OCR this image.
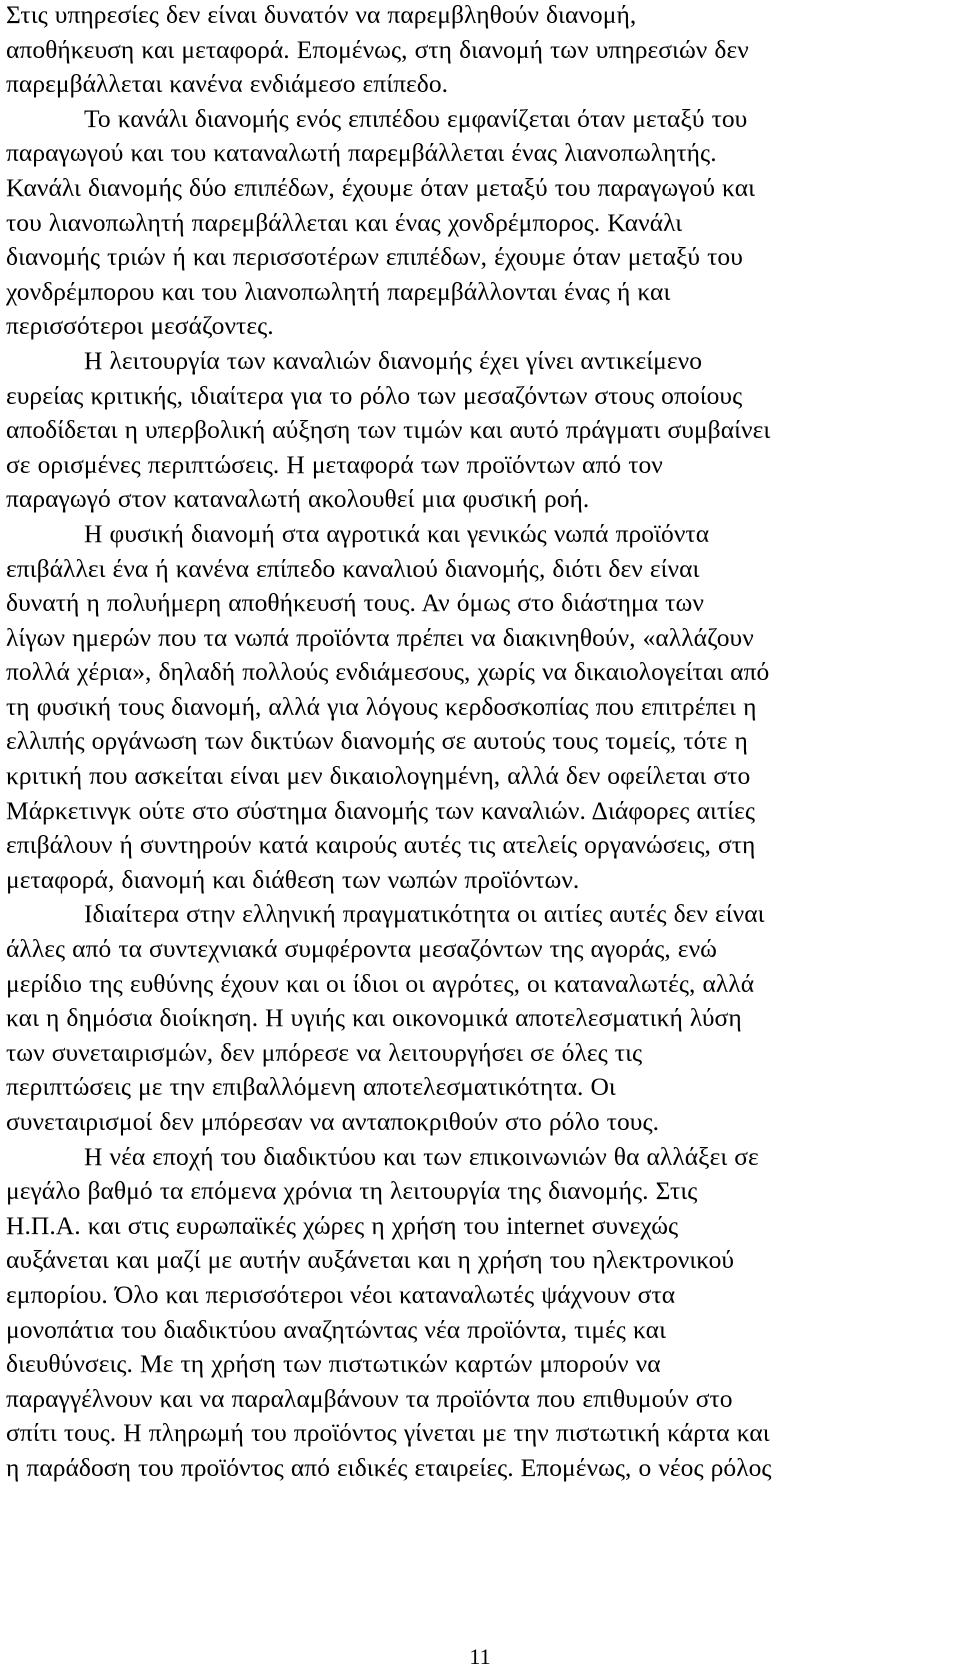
Στις υπηρεσίες δεν είναι δυνατόν να παρεμβληθούν διανομή,
αποθήκευση και μεταφορά. Επομένως, στη διανομή των υπηρεσιών δεν
παρεμβάλλεται κανένα ενδιάμεσο επίπεδο.
Το κανάλι διανομής ενός επιπέδου εμφανίζεται όταν μεταξύ του
παραγωγού και του καταναλωτή παρεμβάλλεται ένας λιανοπωλητής.
Κανάλι διανομής δύο επιπέδων, έχουμε όταν μεταξύ του παραγωγού και
του λιανοπωλητή παρεμβάλλεται και ένας χονδρέμπορος. Κανάλι
διανομής τριών ή και περισσοτέρων επιπέδων, έχουμε όταν μεταξύ του
χονδρέμπορου και του λιανοπωλητή παρεμβάλλονται ένας ή και
περισσότεροι μεσάζοντες.
Η λειτουργία των καναλιών διανομής έχει γίνει αντικείμενο
ευρείας κριτικής, ιδιαίτερα για το ρόλο των μεσαζόντων στους οποίους
αποδίδεται η υπερβολική αύξηση των τιμών και αυτό πράγματι συμβαίνει
σε ορισμένες περιπτώσεις. Η μεταφορά των προϊόντων από τον
παραγωγό στον καταναλωτή ακολουθεί μια φυσική ροή.
Η φυσική διανομή στα αγροτικά και γενικώς νωπά προϊόντα
επιβάλλει ένα ή κανένα επίπεδο καναλιού διανομής, διότι δεν είναι
δυνατή η πολυήμερη αποθήκευσή τους. Αν όμως στο διάστημα των
λίγων ημερών που τα νωπά προϊόντα πρέπει να διακινηθούν, «αλλάζουν
πολλά χέρια», δηλαδή πολλούς ενδιάμεσους, χωρίς να δικαιολογείται από
τη φυσική τους διανομή, αλλά για λόγους κερδοσκοπίας που επιτρέπει η
ελλιπής οργάνωση των δικτύων διανομής σε αυτούς τους τομείς, τότε η
κριτική που ασκείται είναι μεν δικαιολογημένη, αλλά δεν οφείλεται στο
Μάρκετινγκ ούτε στο σύστημα διανομής των καναλιών. Διάφορες αιτίες
επιβάλουν ή συντηρούν κατά καιρούς αυτές τις ατελείς οργανώσεις, στη
μεταφορά, διανομή και διάθεση των νωπών προϊόντων.
Ιδιαίτερα στην ελληνική πραγματικότητα οι αιτίες αυτές δεν είναι
άλλες από τα συντεχνιακά συμφέροντα μεσαζόντων της αγοράς, ενώ
μερίδιο της ευθύνης έχουν και οι ίδιοι οι αγρότες, οι καταναλωτές, αλλά
και η δημόσια διοίκηση. Η υγιής και οικονομικά αποτελεσματική λύση
των συνεταιρισμών, δεν μπόρεσε να λειτουργήσει σε όλες τις
περιπτώσεις με την επιβαλλόμενη αποτελεσματικότητα. Οι
συνεταιρισμοί δεν μπόρεσαν να ανταποκριθούν στο ρόλο τους.
Η νέα εποχή του διαδικτύου και των επικοινωνιών θα αλλάξει σε
μεγάλο βαθμό τα επόμενα χρόνια τη λειτουργία της διανομής. Στις
Η.Π.Α. και στις ευρωπαϊκές χώρες η χρήση του internet συνεχώς
αυξάνεται και μαζί με αυτήν αυξάνεται και η χρήση του ηλεκτρονικού
εμπορίου. Όλο και περισσότεροι νέοι καταναλωτές ψάχνουν στα
μονοπάτια του διαδικτύου αναζητώντας νέα προϊόντα, τιμές και
διευθύνσεις. Με τη χρήση των πιστωτικών καρτών μπορούν να
παραγγέλνουν και να παραλαμβάνουν τα προϊόντα που επιθυμούν στο
σπίτι τους. Η πληρωμή του προϊόντος γίνεται με την πιστωτική κάρτα και
η παράδοση του προϊόντος από ειδικές εταιρείες. Επομένως, ο νέος ρόλος
11
